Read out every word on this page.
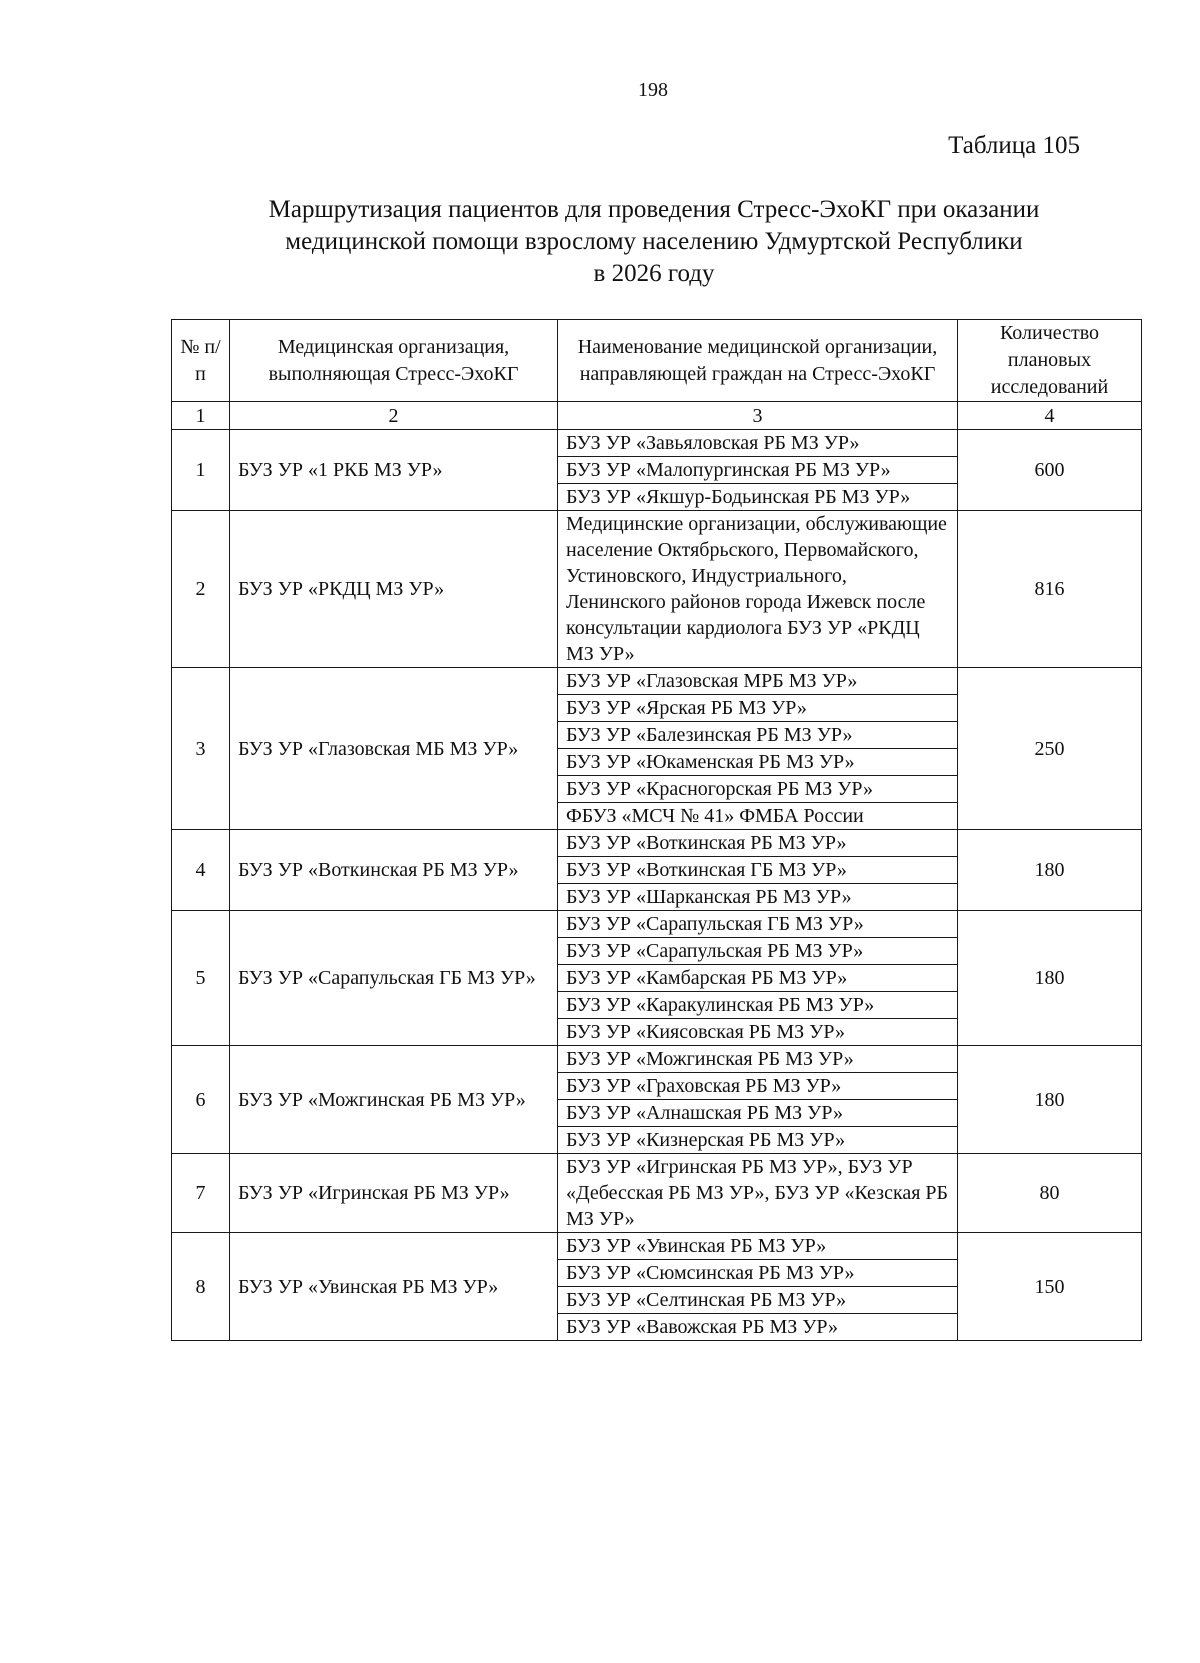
198
Таблица 105
Маршрутизация пациентов для проведения Стресс-ЭхоКГ при оказании
медицинской помощи взрослому населению Удмуртской Республики
в 2026 году
№ п/п	Медицинская организация, выполняющая Стресс-ЭхоКГ	Наименование медицинской организации, направляющей граждан на Стресс-ЭхоКГ	Количество плановых исследований
1	2	3	4
1	БУЗ УР «1 РКБ МЗ УР»	БУЗ УР «Завьяловская РБ МЗ УР»	600
		БУЗ УР «Малопургинская РБ МЗ УР»	
		БУЗ УР «Якшур-Бодьинская РБ МЗ УР»	
2	БУЗ УР «РКДЦ МЗ УР»	Медицинские организации, обслуживающие население Октябрьского, Первомайского, Устиновского, Индустриального, Ленинского районов города Ижевск после консультации кардиолога БУЗ УР «РКДЦ МЗ УР»	816
3	БУЗ УР «Глазовская МБ МЗ УР»	БУЗ УР «Глазовская МРБ МЗ УР»	250
		БУЗ УР «Ярская РБ МЗ УР»	
		БУЗ УР «Балезинская РБ МЗ УР»	
		БУЗ УР «Юкаменская РБ МЗ УР»	
		БУЗ УР «Красногорская РБ МЗ УР»	
		ФБУЗ «МСЧ № 41» ФМБА России	
4	БУЗ УР «Воткинская РБ МЗ УР»	БУЗ УР «Воткинская РБ МЗ УР»	180
		БУЗ УР «Воткинская ГБ МЗ УР»	
		БУЗ УР «Шарканская РБ МЗ УР»	
5	БУЗ УР «Сарапульская ГБ МЗ УР»	БУЗ УР «Сарапульская ГБ МЗ УР»	180
		БУЗ УР «Сарапульская РБ МЗ УР»	
		БУЗ УР «Камбарская РБ МЗ УР»	
		БУЗ УР «Каракулинская РБ МЗ УР»	
		БУЗ УР «Киясовская РБ МЗ УР»	
6	БУЗ УР «Можгинская РБ МЗ УР»	БУЗ УР «Можгинская РБ МЗ УР»	180
		БУЗ УР «Граховская РБ МЗ УР»	
		БУЗ УР «Алнашская РБ МЗ УР»	
		БУЗ УР «Кизнерская РБ МЗ УР»	
7	БУЗ УР «Игринская РБ МЗ УР»	БУЗ УР «Игринская РБ МЗ УР», БУЗ УР «Дебесская РБ МЗ УР», БУЗ УР «Кезская РБ МЗ УР»	80
8	БУЗ УР «Увинская РБ МЗ УР»	БУЗ УР «Увинская РБ МЗ УР»	150
		БУЗ УР «Сюмсинская РБ МЗ УР»	
		БУЗ УР «Селтинская РБ МЗ УР»	
		БУЗ УР «Вавожская РБ МЗ УР»	
